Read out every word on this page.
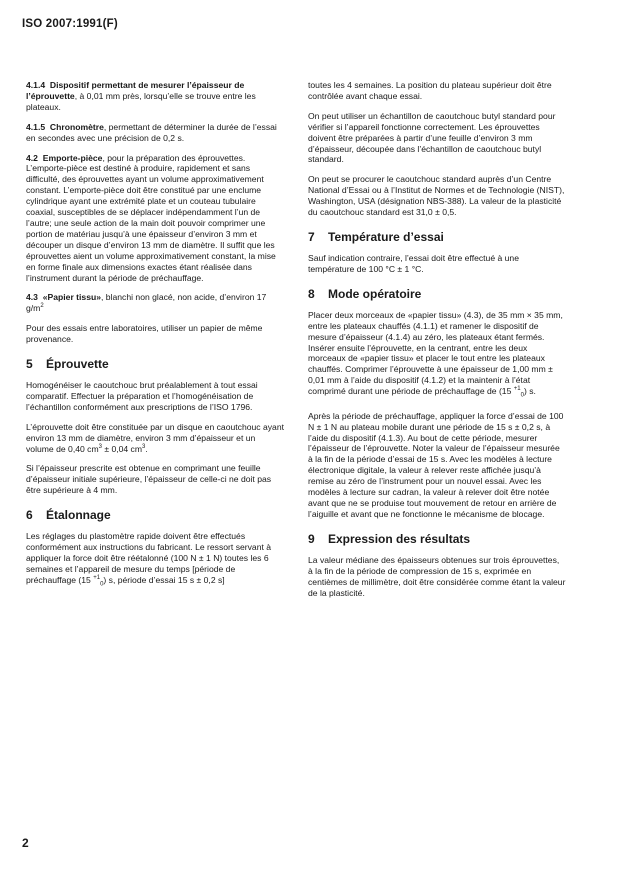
ISO 2007:1991(F)

4.1.4 Dispositif permettant de mesurer l’épaisseur de l’éprouvette, à 0,01 mm près, lorsqu’elle se trouve entre les plateaux.

4.1.5 Chronomètre, permettant de déterminer la durée de l’essai en secondes avec une précision de 0,2 s.

4.2 Emporte-pièce, pour la préparation des éprouvettes. L’emporte-pièce est destiné à produire, rapidement et sans difficulté, des éprouvettes ayant un volume approximativement constant. L’emporte-pièce doit être constitué par une enclume cylindrique ayant une extrémité plate et un couteau tubulaire coaxial, susceptibles de se déplacer indépendamment l’un de l’autre; une seule action de la main doit pouvoir comprimer une portion de matériau jusqu’à une épaisseur d’environ 3 mm et découper un disque d’environ 13 mm de diamètre. Il suffit que les éprouvettes aient un volume approximativement constant, la mise en forme finale aux dimensions exactes étant réalisée dans l’instrument durant la période de préchauffage.

4.3 «Papier tissu», blanchi non glacé, non acide, d’environ 17 $g/m^2$

Pour des essais entre laboratoires, utiliser un papier de même provenance.

5 Éprouvette

Homogénéiser le caoutchouc brut préalablement à tout essai comparatif. Effectuer la préparation et l’homogénéisation de l’échantillon conformément aux prescriptions de l’ISO 1796.

L’éprouvette doit être constituée par un disque en caoutchouc ayant environ 13 mm de diamètre, environ 3 mm d’épaisseur et un volume de 0,40 $cm^3 \pm 0,04$ $cm^3$.

Si l’épaisseur prescrite est obtenue en comprimant une feuille d’épaisseur initiale supérieure, l’épaisseur de celle-ci ne doit pas être supérieure à 4 mm.

6 Étalonnage

Les réglages du plastomètre rapide doivent être effectués conformément aux instructions du fabricant. Le ressort servant à appliquer la force doit être réétalonné (100 N ± 1 N) toutes les 6 semaines et l’appareil de mesure du temps [période de préchauffage (15 $^{+1}_0$) s, période d’essai 15 s ± 0,2 s]

toutes les 4 semaines. La position du plateau supérieur doit être contrôlée avant chaque essai.

On peut utiliser un échantillon de caoutchouc butyl standard pour vérifier si l’appareil fonctionne correctement. Les éprouvettes doivent être préparées à partir d’une feuille d’environ 3 mm d’épaisseur, découpée dans l’échantillon de caoutchouc butyl standard.

On peut se procurer le caoutchouc standard auprès d’un Centre National d’Essai ou à l’Institut de Normes et de Technologie (NIST), Washington, USA (désignation NBS-388). La valeur de la plasticité du caoutchouc standard est 31,0 ± 0,5.

7 Température d’essai

Sauf indication contraire, l’essai doit être effectué à une température de 100 °C ± 1 °C.

8 Mode opératoire

Placer deux morceaux de «papier tissu» (4.3), de 35 mm × 35 mm, entre les plateaux chauffés (4.1.1) et ramener le dispositif de mesure d’épaisseur (4.1.4) au zéro, les plateaux étant fermés. Insérer ensuite l’éprouvette, en la centrant, entre les deux morceaux de «papier tissu» et placer le tout entre les plateaux chauffés. Comprimer l’éprouvette à une épaisseur de 1,00 mm ± 0,01 mm à l’aide du dispositif (4.1.2) et la maintenir à l’état comprimé durant une période de préchauffage de (15 $^{+1}_0$) s.

Après la période de préchauffage, appliquer la force d’essai de 100 N ± 1 N au plateau mobile durant une période de 15 s ± 0,2 s, à l’aide du dispositif (4.1.3). Au bout de cette période, mesurer l’épaisseur de l’éprouvette. Noter la valeur de l’épaisseur mesurée à la fin de la période d’essai de 15 s. Avec les modèles à lecture électronique digitale, la valeur à relever reste affichée jusqu’à remise au zéro de l’instrument pour un nouvel essai. Avec les modèles à lecture sur cadran, la valeur à relever doit être notée avant que ne se produise tout mouvement de retour en arrière de l’aiguille et avant que ne fonctionne le mécanisme de blocage.

9 Expression des résultats

La valeur médiane des épaisseurs obtenues sur trois éprouvettes, à la fin de la période de compression de 15 s, exprimée en centièmes de millimètre, doit être considérée comme étant la valeur de la plasticité.

2
